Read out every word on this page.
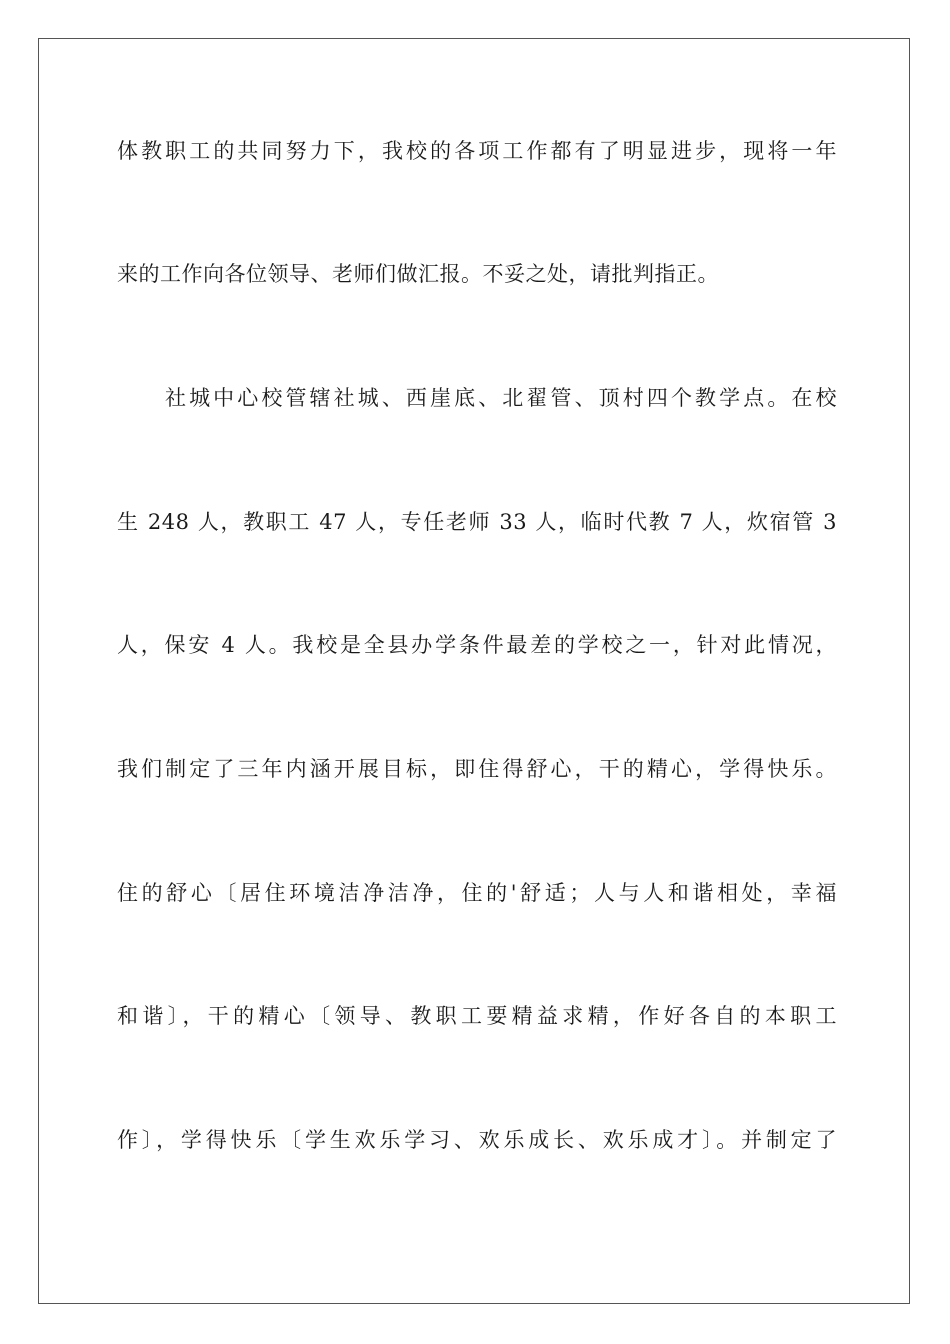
体教职工的共同努力下，我校的各项工作都有了明显进步，现将一年
来的工作向各位领导、老师们做汇报。不妥之处，请批判指正。
社城中心校管辖社城、西崖底、北翟管、顶村四个教学点。在校
生 248 人，教职工 47 人，专任老师 33 人，临时代教 7 人，炊宿管 3
人，保安 4 人。我校是全县办学条件最差的学校之一，针对此情况，
我们制定了三年内涵开展目标，即住得舒心，干的精心，学得快乐。
住的舒心〔居住环境洁净洁净，住的'舒适；人与人和谐相处，幸福
和谐〕，干的精心〔领导、教职工要精益求精，作好各自的本职工
作〕，学得快乐〔学生欢乐学习、欢乐成长、欢乐成才〕。并制定了
